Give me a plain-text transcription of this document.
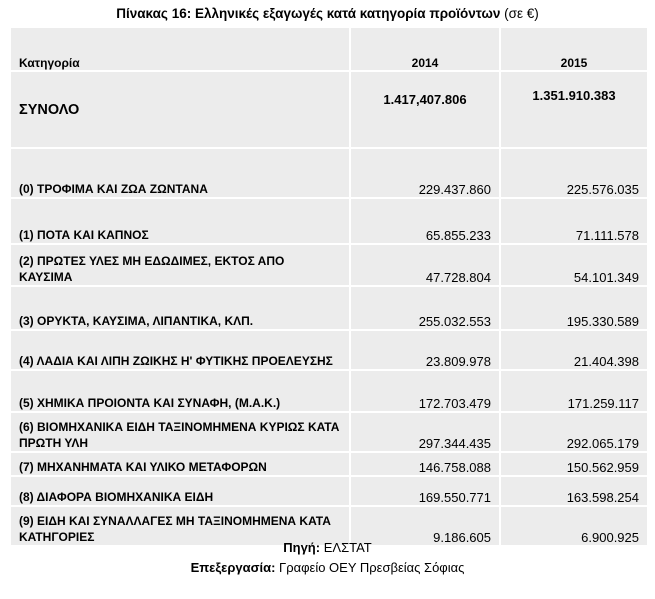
Πίνακας 16: Ελληνικές εξαγωγές κατά κατηγορία προϊόντων (σε €)
Κατηγορία	2014	2015
ΣΥΝΟΛΟ	1.417,407.806	1.351.910.383
(0) ΤΡΟΦΙΜΑ ΚΑΙ ΖΩΑ ΖΩΝΤΑΝΑ	229.437.860	225.576.035
(1) ΠΟΤΑ ΚΑΙ ΚΑΠΝΟΣ	65.855.233	71.111.578
(2) ΠΡΩΤΕΣ ΥΛΕΣ ΜΗ ΕΔΩΔΙΜΕΣ, ΕΚΤΟΣ ΑΠΟ ΚΑΥΣΙΜΑ	47.728.804	54.101.349
(3) ΟΡΥΚΤΑ, ΚΑΥΣΙΜΑ, ΛΙΠΑΝΤΙΚΑ, ΚΛΠ.	255.032.553	195.330.589
(4) ΛΑΔΙΑ ΚΑΙ ΛΙΠΗ ΖΩΙΚΗΣ Η' ΦΥΤΙΚΗΣ ΠΡΟΕΛΕΥΣΗΣ	23.809.978	21.404.398
(5) ΧΗΜΙΚΑ ΠΡΟΙΟΝΤΑ ΚΑΙ ΣΥΝΑΦΗ, (Μ.Α.Κ.)	172.703.479	171.259.117
(6) ΒΙΟΜΗΧΑΝΙΚΑ ΕΙΔΗ ΤΑΞΙΝΟΜΗΜΕΝΑ ΚΥΡΙΩΣ ΚΑΤΑ ΠΡΩΤΗ ΥΛΗ	297.344.435	292.065.179
(7) ΜΗΧΑΝΗΜΑΤΑ ΚΑΙ ΥΛΙΚΟ ΜΕΤΑΦΟΡΩΝ	146.758.088	150.562.959
(8) ΔΙΑΦΟΡΑ ΒΙΟΜΗΧΑΝΙΚΑ ΕΙΔΗ	169.550.771	163.598.254
(9) ΕΙΔΗ ΚΑΙ ΣΥΝΑΛΛΑΓΕΣ ΜΗ ΤΑΞΙΝΟΜΗΜΕΝΑ ΚΑΤΑ ΚΑΤΗΓΟΡΙΕΣ	9.186.605	6.900.925
Πηγή: ΕΛΣΤΑΤ
Επεξεργασία: Γραφείο ΟΕΥ Πρεσβείας Σόφιας
